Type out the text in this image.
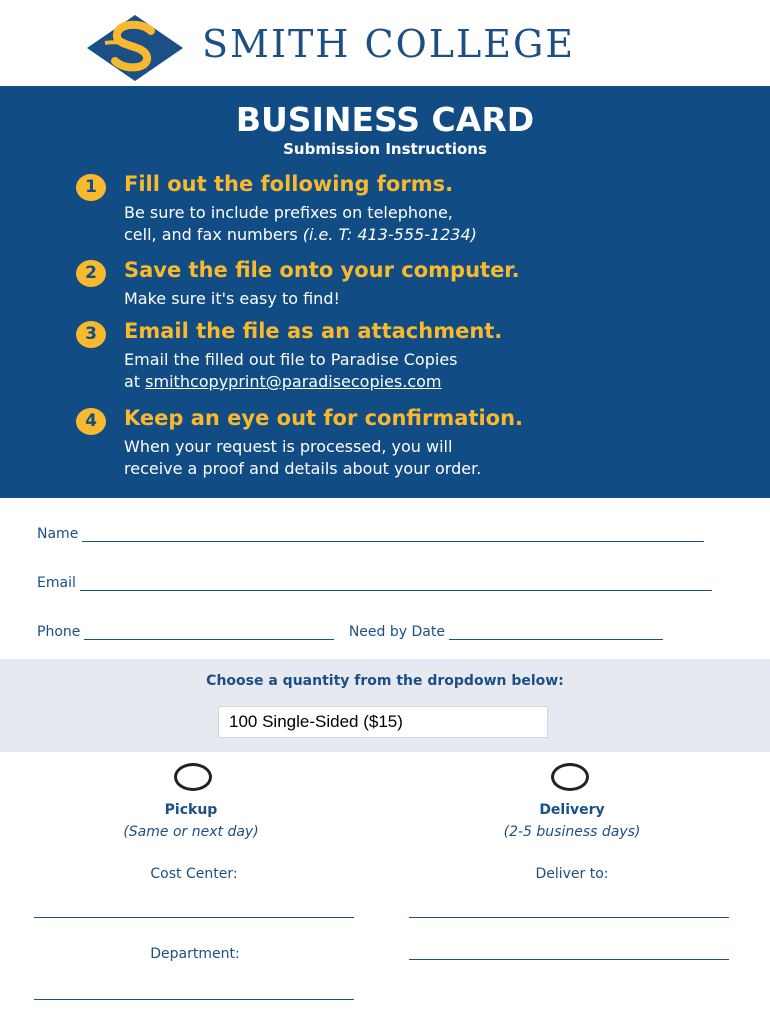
SMITH COLLEGE
BUSINESS CARD
Submission Instructions
1	Fill out the following forms.
Be sure to include prefixes on telephone,
cell, and fax numbers (i.e. T: 413-555-1234)
2	Save the file onto your computer.
Make sure it's easy to find!
3	Email the file as an attachment.
Email the filled out file to Paradise Copies
at smithcopyprint@paradisecopies.com
4	Keep an eye out for confirmation.
When your request is processed, you will
receive a proof and details about your order.
Name
Email
Phone	Need by Date
Choose a quantity from the dropdown below:
100 Single-Sided ($15)
Pickup
(Same or next day)
Delivery
(2-5 business days)
Cost Center:	Deliver to:
Department:
